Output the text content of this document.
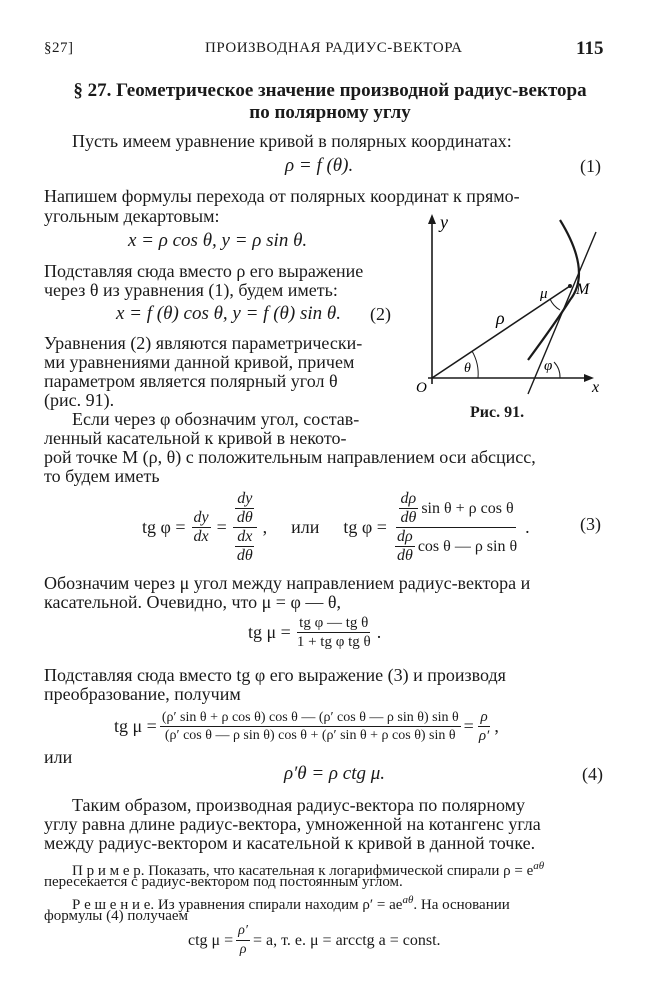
§27]	ПРОИЗВОДНАЯ РАДИУС-ВЕКТОРА	115
§ 27. Геометрическое значение производной радиус-вектора
по полярному углу
Пусть имеем уравнение кривой в полярных координатах:
ρ = f (θ).	(1)
Напишем формулы перехода от полярных координат к прямо-
угольным декартовым:
x = ρ cos θ, y = ρ sin θ.
Подставляя сюда вместо ρ его выражение
через θ из уравнения (1), будем иметь:
x = f (θ) cos θ, y = f (θ) sin θ. (2)
Уравнения (2) являются параметрически-
ми уравнениями данной кривой, причем
параметром является полярный угол θ
(рис. 91).
Если через φ обозначим угол, состав-
ленный касательной к кривой в некото-
рой точке M (ρ, θ) с положительным направлением оси абсцисс,
то будем иметь
y
x
O
M
ρ
μ
θ	φ
Рис. 91.
tg $\varphi = \frac{dy}{dx} = \frac{\frac{dy}{d\theta}}{\frac{dx}{d\theta}}$ , или tg $\varphi = \frac{\frac{d\rho}{d\theta} \sin \theta + \rho \cos \theta}{\frac{d\rho}{d\theta} \cos \theta — \rho \sin \theta}$ .	(3)
Обозначим через μ угол между направлением радиус-вектора и
касательной. Очевидно, что μ = φ — θ,
tg $\mu = \frac{\text{tg φ — tg θ}}{\text{1 + tg φ tg θ}}$ .
Подставляя сюда вместо tg φ его выражение (3) и производя
преобразование, получим
tg $\mu = \frac{\text{(ρ′ sin θ + ρ cos θ) cos θ — (ρ′ cos θ — ρ sin θ) sin θ}}{\text{(ρ′ cos θ — ρ sin θ) cos θ + (ρ′ sin θ + ρ cos θ) sin θ}} = \frac{\rho}{\rho'}$ ,
или
ρ′θ = ρ ctg μ.	(4)
Таким образом, производная радиус-вектора по полярному
углу равна длине радиус-вектора, умноженной на котангенс угла
между радиус-вектором и касательной к кривой в данной точке.
П р и м е р. Показать, что касательная к логарифмической спирали $\rho = e^{a\theta}$
пересекается с радиус-вектором под постоянным углом.
Р е ш е н и е. Из уравнения спирали находим $\rho' = ae^{a\theta}$. На основании
формулы (4) получаем
ctg $\mu = \frac{\rho'}{\rho} = a$, т. е. μ = arcctg a = const.
